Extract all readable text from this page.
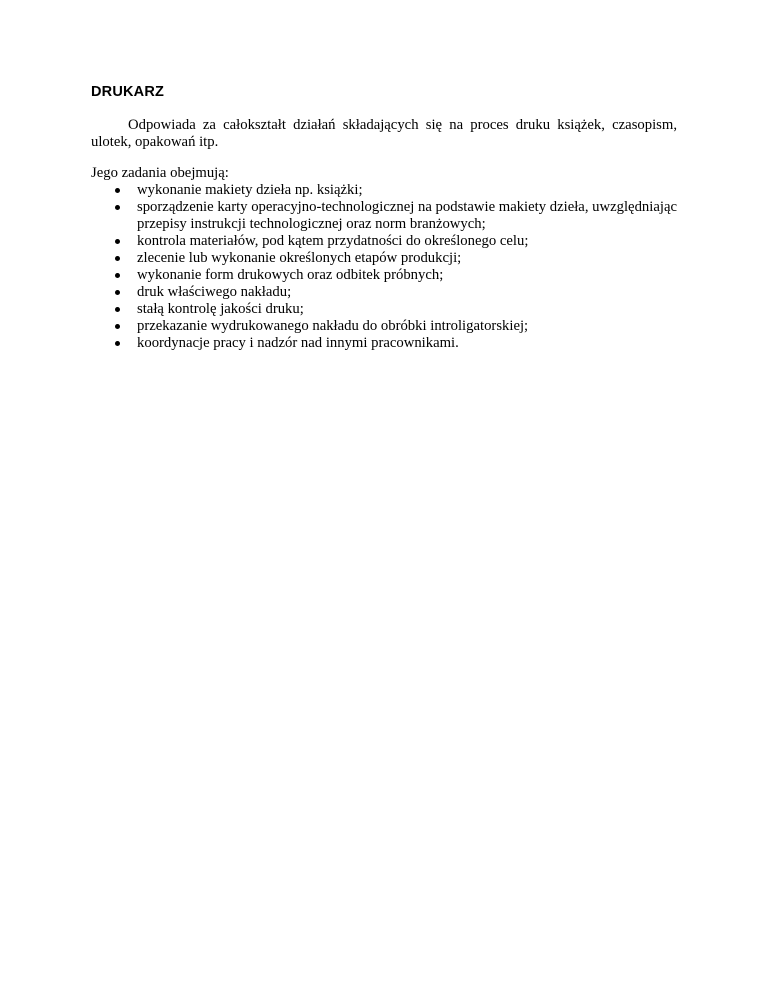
DRUKARZ

Odpowiada za całokształt działań składających się na proces druku książek, czasopism, ulotek, opakowań itp.

Jego zadania obejmują:

wykonanie makiety dzieła np. książki;
sporządzenie karty operacyjno-technologicznej na podstawie makiety dzieła, uwzględniając przepisy instrukcji technologicznej oraz norm branżowych;
kontrola materiałów, pod kątem przydatności do określonego celu;
zlecenie lub wykonanie określonych etapów produkcji;
wykonanie form drukowych oraz odbitek próbnych;
druk właściwego nakładu;
stałą kontrolę jakości druku;
przekazanie wydrukowanego nakładu do obróbki introligatorskiej;
koordynacje pracy i nadzór nad innymi pracownikami.
